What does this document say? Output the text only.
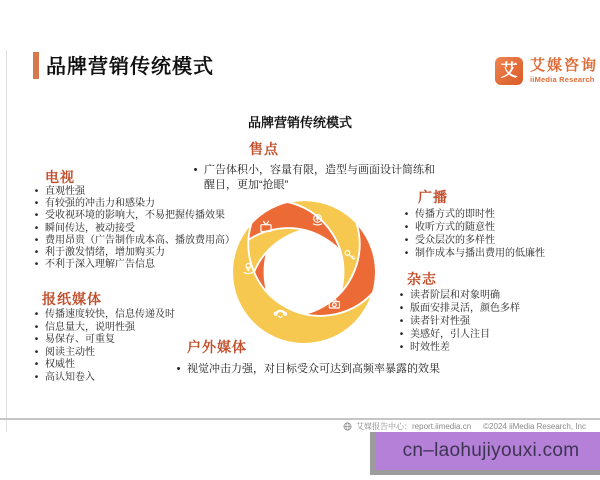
品牌营销传统模式	艾 艾媒咨询
iiMedia Research
品牌营销传统模式
电视
• 直观性强
• 有较强的冲击力和感染力
• 受收视环境的影响大，不易把握传播效果
• 瞬间传达，被动接受
• 费用昂贵（广告制作成本高、播放费用高）
• 利于激发情绪，增加购买力
• 不利于深入理解广告信息
售点
• 广告体积小，容量有限，造型与画面设计简练和醒目，更加“抢眼”
广播
• 传播方式的即时性
• 收听方式的随意性
• 受众层次的多样性
• 制作成本与播出费用的低廉性
杂志
• 读者阶层和对象明确
• 版面安排灵活，颜色多样
• 读者针对性强
• 美感好，引人注目
• 时效性差
报纸媒体
• 传播速度较快，信息传递及时
• 信息量大，说明性强
• 易保存、可重复
• 阅读主动性
• 权威性
• 高认知卷入
户外媒体
• 视觉冲击力强，对目标受众可达到高频率暴露的效果
艾媒报告中心：report.iimedia.cn ©2024 iiMedia Research, Inc
cn–laohujiyouxi.com
